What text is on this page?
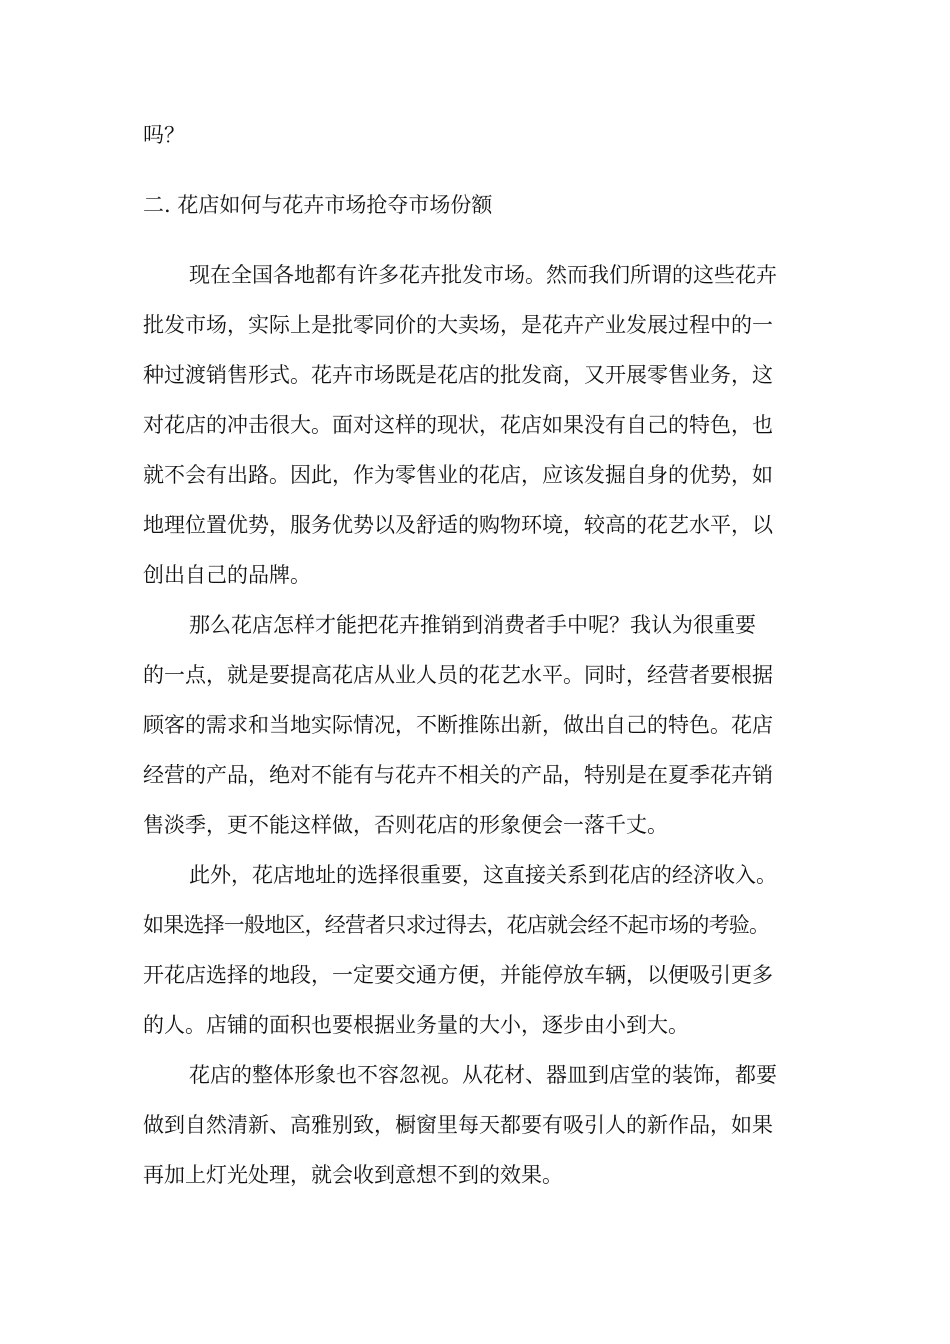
吗？
二. 花店如何与花卉市场抢夺市场份额
现在全国各地都有许多花卉批发市场。然而我们所谓的这些花卉
批发市场，实际上是批零同价的大卖场，是花卉产业发展过程中的一
种过渡销售形式。花卉市场既是花店的批发商，又开展零售业务，这
对花店的冲击很大。面对这样的现状，花店如果没有自己的特色，也
就不会有出路。因此，作为零售业的花店，应该发掘自身的优势，如
地理位置优势，服务优势以及舒适的购物环境，较高的花艺水平，以
创出自己的品牌。
那么花店怎样才能把花卉推销到消费者手中呢？我认为很重要
的一点，就是要提高花店从业人员的花艺水平。同时，经营者要根据
顾客的需求和当地实际情况，不断推陈出新，做出自己的特色。花店
经营的产品，绝对不能有与花卉不相关的产品，特别是在夏季花卉销
售淡季，更不能这样做，否则花店的形象便会一落千丈。
此外，花店地址的选择很重要，这直接关系到花店的经济收入。
如果选择一般地区，经营者只求过得去，花店就会经不起市场的考验。
开花店选择的地段，一定要交通方便，并能停放车辆，以便吸引更多
的人。店铺的面积也要根据业务量的大小，逐步由小到大。
花店的整体形象也不容忽视。从花材、器皿到店堂的装饰，都要
做到自然清新、高雅别致，橱窗里每天都要有吸引人的新作品，如果
再加上灯光处理，就会收到意想不到的效果。
